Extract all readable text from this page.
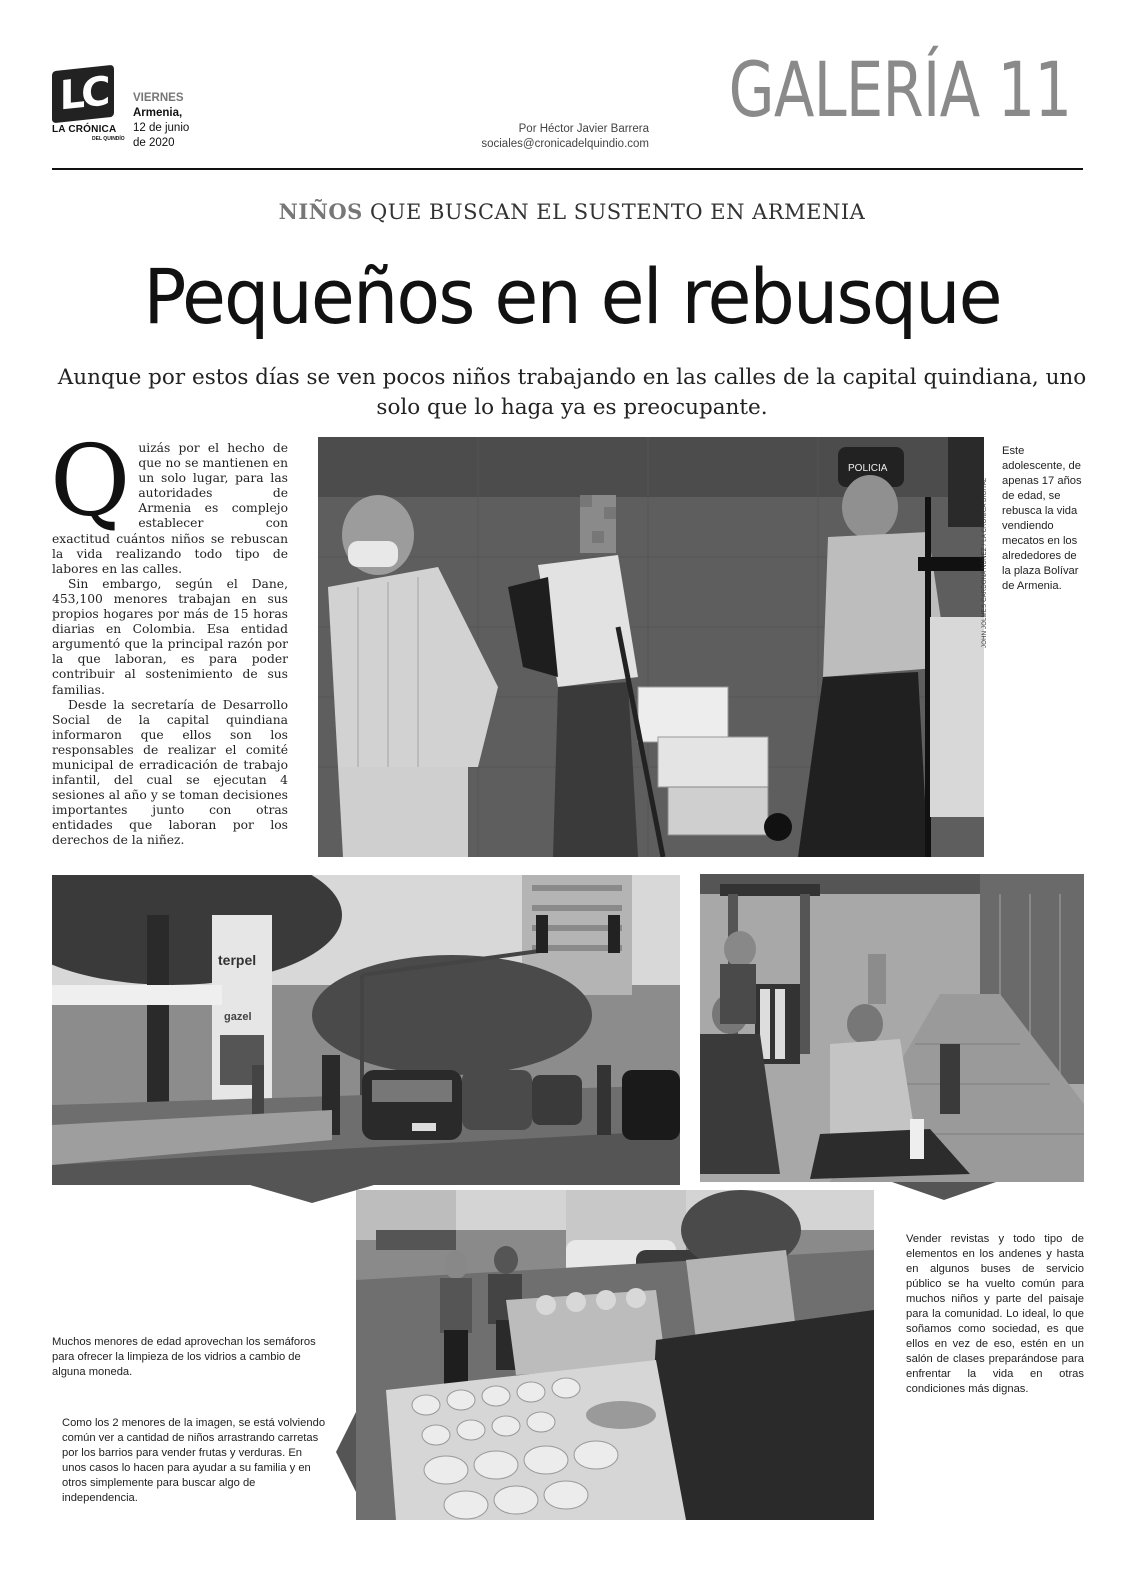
LC
LA CRÓNICA
DEL QUINDÍO
VIERNES
Armenia,
12 de junio
de 2020
Por Héctor Javier Barrera
sociales@cronicadelquindio.com
GALERÍA 11
NIÑOS QUE BUSCAN EL SUSTENTO EN ARMENIA
Pequeños en el rebusque
Aunque por estos días se ven pocos niños trabajando en las calles de la capital quindiana, uno solo que lo haga ya es preocupante.

Quizás por el hecho de que no se mantienen en un solo lugar, para las autoridades de Armenia es complejo establecer con exactitud cuántos niños se rebuscan la vida realizando todo tipo de labores en las calles.

Sin embargo, según el Dane, 453,100 menores trabajan en sus propios hogares por más de 15 horas diarias en Colombia. Esa entidad argumentó que la principal razón por la que laboran, es para poder contribuir al sostenimiento de sus familias.

Desde la secretaría de Desarrollo Social de la capital quindiana informaron que ellos son los responsables de realizar el comité municipal de erradicación de trabajo infantil, del cual se ejecutan 4 sesiones al año y se toman decisiones importantes junto con otras entidades que laboran por los derechos de la niñez.

POLICIA
JOHN JOLMES CARDONA NÚÑEZ / LA CRÓNICA DIGITAL
Este adolescente, de apenas 17 años de edad, se rebusca la vida vendiendo mecatos en los alrededores de la plaza Bolívar de Armenia.
terpel
gazel
Muchos menores de edad aprovechan los semáforos para ofrecer la limpieza de los vidrios a cambio de alguna moneda.
Vender revistas y todo tipo de elementos en los andenes y hasta en algunos buses de servicio público se ha vuelto común para muchos niños y parte del paisaje para la comunidad. Lo ideal, lo que soñamos como sociedad, es que ellos en vez de eso, estén en un salón de clases preparándose para enfrentar la vida en otras condiciones más dignas.
Como los 2 menores de la imagen, se está volviendo común ver a cantidad de niños arrastrando carretas por los barrios para vender frutas y verduras. En unos casos lo hacen para ayudar a su familia y en otros simplemente para buscar algo de independencia.
